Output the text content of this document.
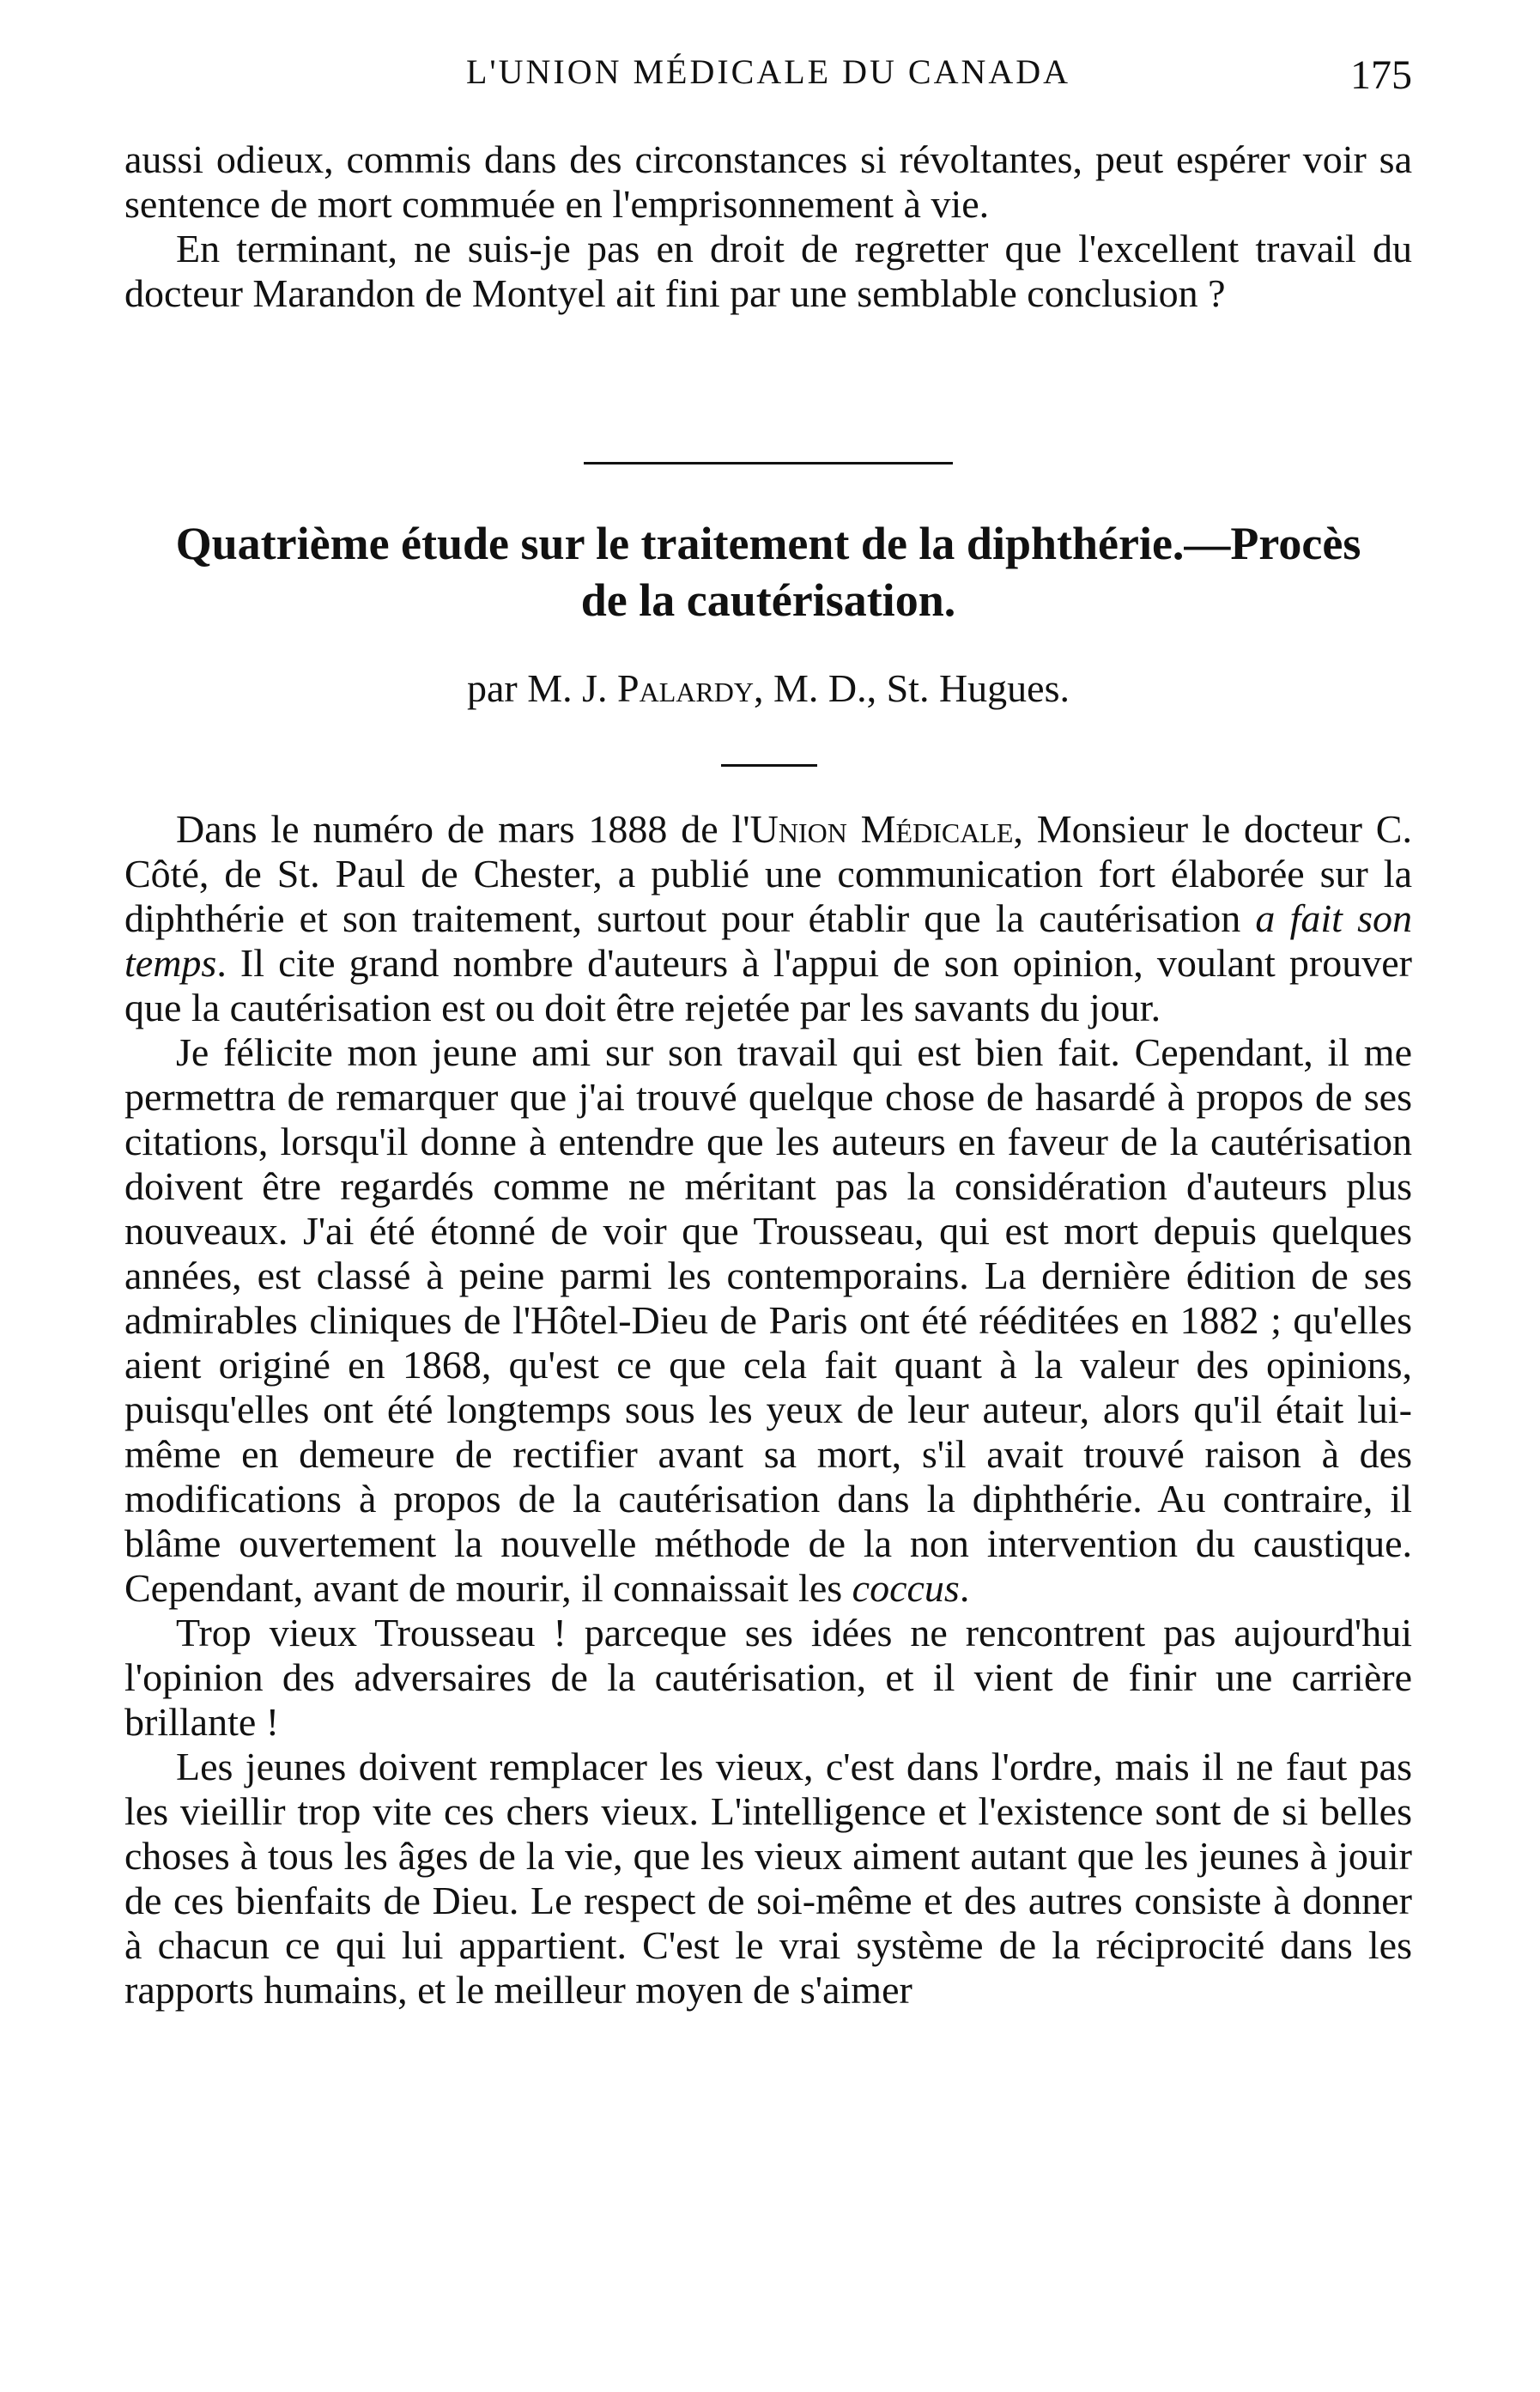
L'UNION MÉDICALE DU CANADA	175

aussi odieux, commis dans des circonstances si révoltantes, peut espérer voir sa sentence de mort commuée en l'emprisonnement à vie.

En terminant, ne suis-je pas en droit de regretter que l'excellent travail du docteur Marandon de Montyel ait fini par une semblable conclusion ?

Quatrième étude sur le traitement de la diphthérie.—Procès
de la cautérisation.
par M. J. Palardy, M. D., St. Hugues.

Dans le numéro de mars 1888 de l'Union Médicale, Monsieur le docteur C. Côté, de St. Paul de Chester, a publié une communication fort élaborée sur la diphthérie et son traitement, surtout pour établir que la cautérisation a fait son temps. Il cite grand nombre d'auteurs à l'appui de son opinion, voulant prouver que la cautérisation est ou doit être rejetée par les savants du jour.

Je félicite mon jeune ami sur son travail qui est bien fait. Cependant, il me permettra de remarquer que j'ai trouvé quelque chose de hasardé à propos de ses citations, lorsqu'il donne à entendre que les auteurs en faveur de la cautérisation doivent être regardés comme ne méritant pas la considération d'auteurs plus nouveaux. J'ai été étonné de voir que Trousseau, qui est mort depuis quelques années, est classé à peine parmi les contemporains. La dernière édition de ses admirables cliniques de l'Hôtel-Dieu de Paris ont été rééditées en 1882 ; qu'elles aient originé en 1868, qu'est ce que cela fait quant à la valeur des opinions, puisqu'elles ont été longtemps sous les yeux de leur auteur, alors qu'il était lui-même en demeure de rectifier avant sa mort, s'il avait trouvé raison à des modifications à propos de la cautérisation dans la diphthérie. Au contraire, il blâme ouvertement la nouvelle méthode de la non intervention du caustique. Cependant, avant de mourir, il connaissait les coccus.

Trop vieux Trousseau ! parceque ses idées ne rencontrent pas aujourd'hui l'opinion des adversaires de la cautérisation, et il vient de finir une carrière brillante !

Les jeunes doivent remplacer les vieux, c'est dans l'ordre, mais il ne faut pas les vieillir trop vite ces chers vieux. L'intelligence et l'existence sont de si belles choses à tous les âges de la vie, que les vieux aiment autant que les jeunes à jouir de ces bienfaits de Dieu. Le respect de soi-même et des autres consiste à donner à chacun ce qui lui appartient. C'est le vrai système de la réciprocité dans les rapports humains, et le meilleur moyen de s'aimer
